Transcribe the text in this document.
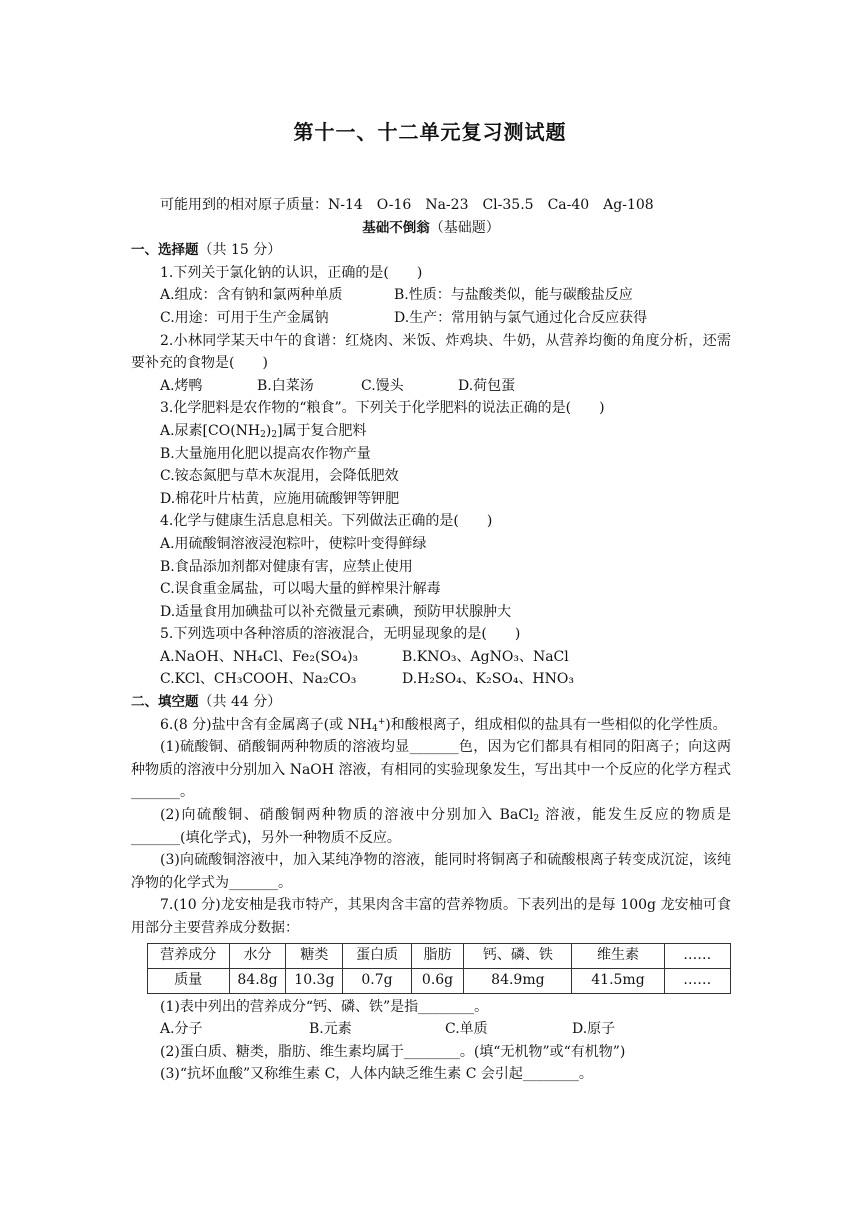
第十一、十二单元复习测试题
可能用到的相对原子质量：N-14　O-16　Na-23　Cl-35.5　Ca-40　Ag-108
基础不倒翁（基础题）
一、选择题（共 15 分）
1.下列关于氯化钠的认识，正确的是(　　)
A.组成：含有钠和氯两种单质	B.性质：与盐酸类似，能与碳酸盐反应
C.用途：可用于生产金属钠	D.生产：常用钠与氯气通过化合反应获得
2.小林同学某天中午的食谱：红烧肉、米饭、炸鸡块、牛奶，从营养均衡的角度分析，还需要补充的食物是(　　)
A.烤鸭	B.白菜汤	C.馒头	D.荷包蛋
3.化学肥料是农作物的“粮食”。下列关于化学肥料的说法正确的是(　　)
A.尿素$[CO(NH_2)_2]$属于复合肥料
B.大量施用化肥以提高农作物产量
C.铵态氮肥与草木灰混用，会降低肥效
D.棉花叶片枯黄，应施用硫酸钾等钾肥
4.化学与健康生活息息相关。下列做法正确的是(　　)
A.用硫酸铜溶液浸泡粽叶，使粽叶变得鲜绿
B.食品添加剂都对健康有害，应禁止使用
C.误食重金属盐，可以喝大量的鲜榨果汁解毒
D.适量食用加碘盐可以补充微量元素碘，预防甲状腺肿大
5.下列选项中各种溶质的溶液混合，无明显现象的是(　　)
A.NaOH、NH₄Cl、Fe₂(SO₄)₃	B.KNO₃、AgNO₃、NaCl
C.KCl、CH₃COOH、Na₂CO₃	D.H₂SO₄、K₂SO₄、HNO₃
二、填空题（共 44 分）
6.(8 分)盐中含有金属离子(或 $NH_4^+$)和酸根离子，组成相似的盐具有一些相似的化学性质。
(1)硫酸铜、硝酸铜两种物质的溶液均显_______色，因为它们都具有相同的阳离子；向这两种物质的溶液中分别加入 NaOH 溶液，有相同的实验现象发生，写出其中一个反应的化学方程式_______。
(2)向硫酸铜、硝酸铜两种物质的溶液中分别加入 BaCl$_2$ 溶液，能发生反应的物质是_______(填化学式)，另外一种物质不反应。
(3)向硫酸铜溶液中，加入某纯净物的溶液，能同时将铜离子和硫酸根离子转变成沉淀，该纯净物的化学式为_______。
7.(10 分)龙安柚是我市特产，其果肉含丰富的营养物质。下表列出的是每 100g 龙安柚可食用部分主要营养成分数据：
营养成分	水分	糖类	蛋白质	脂肪	钙、磷、铁	维生素	……
质量	84.8g	10.3g	0.7g	0.6g	84.9mg	41.5mg	……
(1)表中列出的营养成分“钙、磷、铁”是指________。
A.分子	B.元素	C.单质	D.原子
(2)蛋白质、糖类，脂肪、维生素均属于________。(填“无机物”或“有机物”)
(3)“抗坏血酸”又称维生素 C，人体内缺乏维生素 C 会引起________。
